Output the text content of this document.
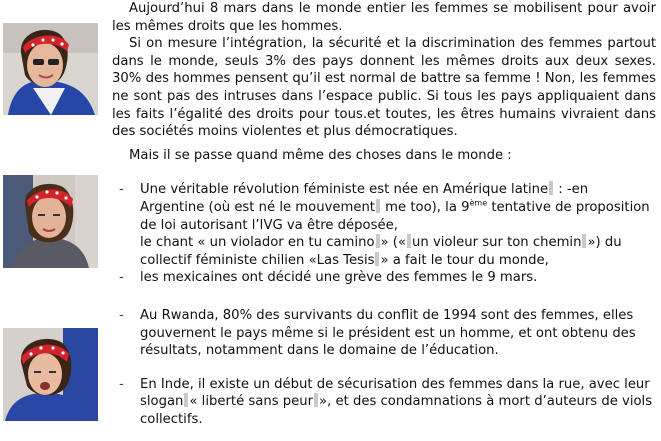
Aujourd’hui 8 mars dans le monde entier les femmes se mobilisent pour avoir les mêmes droits que les hommes.

Si on mesure l’intégration, la sécurité et la discrimination des femmes partout dans le monde, seuls 3% des pays donnent les mêmes droits aux deux sexes. 30% des hommes pensent qu’il est normal de battre sa femme ! Non, les femmes ne sont pas des intruses dans l’espace public. Si tous les pays appliquaient dans les faits l’égalité des droits pour tous.et toutes, les êtres humains vivraient dans des sociétés moins violentes et plus démocratiques.

Mais il se passe quand même des choses dans le monde :

- Une véritable révolution féministe est née en Amérique latine : -en Argentine (où est né le mouvement me too), la 9ème tentative de proposition de loi autorisant l’IVG va être déposée,
le chant « un violador en tu camino » (« un violeur sur ton chemin ») du collectif féministe chilien «Las Tesis » a fait le tour du monde,
- les mexicaines ont décidé une grève des femmes le 9 mars.
- Au Rwanda, 80% des survivants du conflit de 1994 sont des femmes, elles gouvernent le pays même si le président est un homme, et ont obtenu des résultats, notamment dans le domaine de l’éducation.
- En Inde, il existe un début de sécurisation des femmes dans la rue, avec leur slogan « liberté sans peur », et des condamnations à mort d’auteurs de viols collectifs.
